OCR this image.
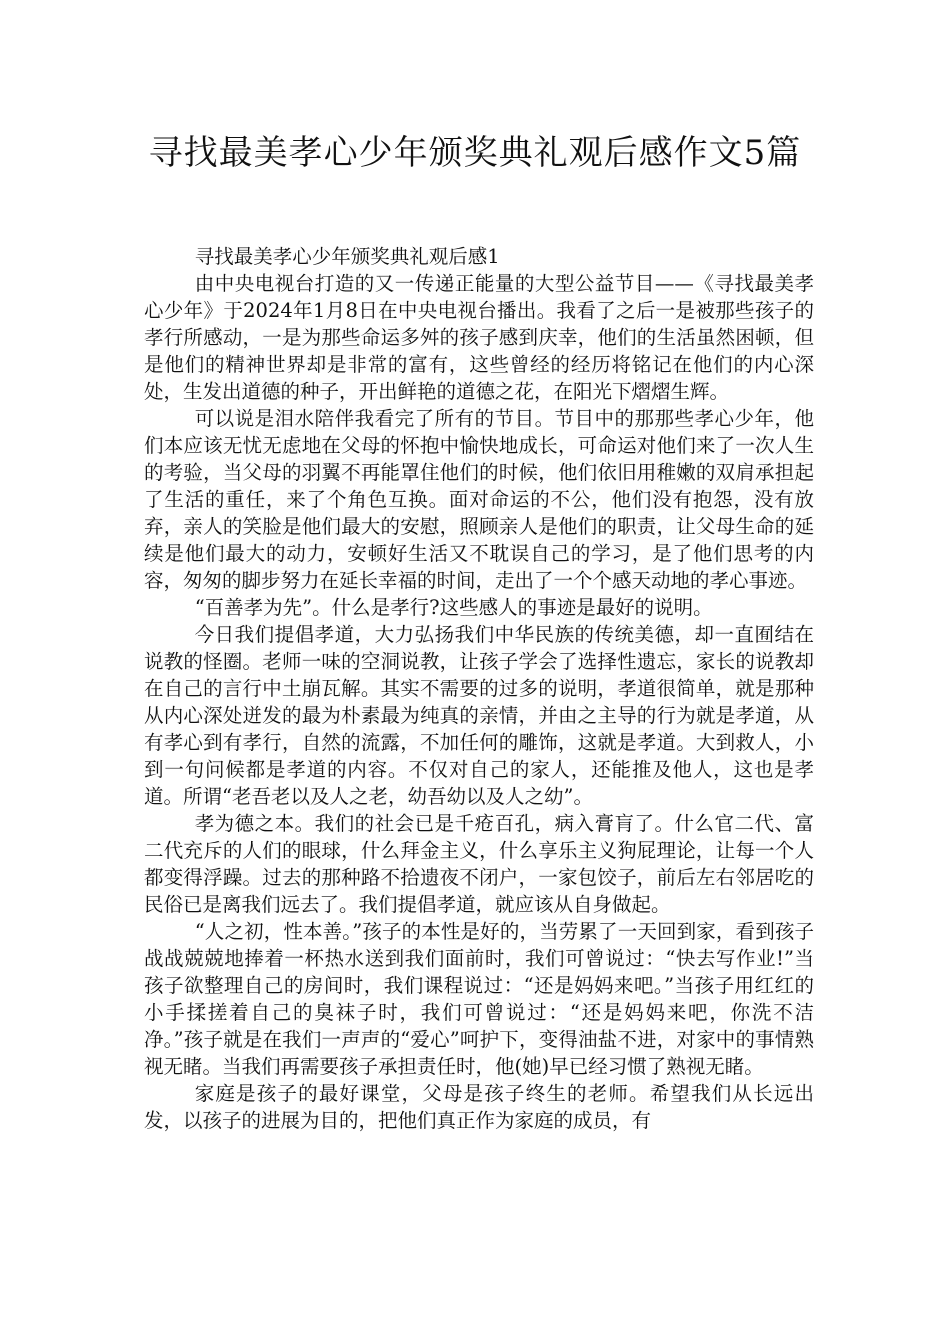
寻找最美孝心少年颁奖典礼观后感作文5篇

寻找最美孝心少年颁奖典礼观后感1

由中央电视台打造的又一传递正能量的大型公益节目——《寻找最美孝心少年》于2024年1月8日在中央电视台播出。我看了之后一是被那些孩子的孝行所感动，一是为那些命运多舛的孩子感到庆幸，他们的生活虽然困顿，但是他们的精神世界却是非常的富有，这些曾经的经历将铭记在他们的内心深处，生发出道德的种子，开出鲜艳的道德之花，在阳光下熠熠生辉。

可以说是泪水陪伴我看完了所有的节目。节目中的那那些孝心少年，他们本应该无忧无虑地在父母的怀抱中愉快地成长，可命运对他们来了一次人生的考验，当父母的羽翼不再能罩住他们的时候，他们依旧用稚嫩的双肩承担起了生活的重任，来了个角色互换。面对命运的不公，他们没有抱怨，没有放弃，亲人的笑脸是他们最大的安慰，照顾亲人是他们的职责，让父母生命的延续是他们最大的动力，安顿好生活又不耽误自己的学习，是了他们思考的内容，匆匆的脚步努力在延长幸福的时间，走出了一个个感天动地的孝心事迹。

“百善孝为先”。什么是孝行?这些感人的事迹是最好的说明。

今日我们提倡孝道，大力弘扬我们中华民族的传统美德，却一直囿结在说教的怪圈。老师一味的空洞说教，让孩子学会了选择性遗忘，家长的说教却在自己的言行中土崩瓦解。其实不需要的过多的说明，孝道很简单，就是那种从内心深处迸发的最为朴素最为纯真的亲情，并由之主导的行为就是孝道，从有孝心到有孝行，自然的流露，不加任何的雕饰，这就是孝道。大到救人，小到一句问候都是孝道的内容。不仅对自己的家人，还能推及他人，这也是孝道。所谓“老吾老以及人之老，幼吾幼以及人之幼”。

孝为德之本。我们的社会已是千疮百孔，病入膏肓了。什么官二代、富二代充斥的人们的眼球，什么拜金主义，什么享乐主义狗屁理论，让每一个人都变得浮躁。过去的那种路不拾遗夜不闭户，一家包饺子，前后左右邻居吃的民俗已是离我们远去了。我们提倡孝道，就应该从自身做起。

“人之初，性本善。”孩子的本性是好的，当劳累了一天回到家，看到孩子战战兢兢地捧着一杯热水送到我们面前时，我们可曾说过：“快去写作业!”当孩子欲整理自己的房间时，我们课程说过：“还是妈妈来吧。”当孩子用红红的小手揉搓着自己的臭袜子时，我们可曾说过：“还是妈妈来吧，你洗不洁净。”孩子就是在我们一声声的“爱心”呵护下，变得油盐不进，对家中的事情熟视无睹。当我们再需要孩子承担责任时，他(她)早已经习惯了熟视无睹。

家庭是孩子的最好课堂，父母是孩子终生的老师。希望我们从长远出发，以孩子的进展为目的，把他们真正作为家庭的成员，有
